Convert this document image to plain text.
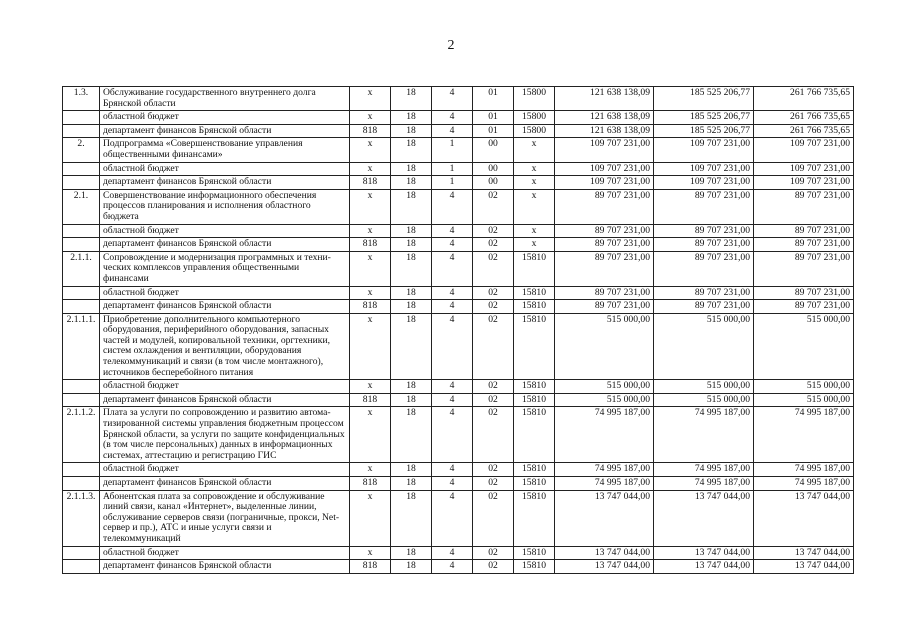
2
1.3.	Обслуживание государственного внутреннего долга Брянской области	x	18	4	01	15800	121 638 138,09	185 525 206,77	261 766 735,65
	областной бюджет	x	18	4	01	15800	121 638 138,09	185 525 206,77	261 766 735,65
	департамент финансов Брянской области	818	18	4	01	15800	121 638 138,09	185 525 206,77	261 766 735,65
2.	Подпрограмма «Совершенствование управления общественными финансами»	x	18	1	00	x	109 707 231,00	109 707 231,00	109 707 231,00
	областной бюджет	x	18	1	00	x	109 707 231,00	109 707 231,00	109 707 231,00
	департамент финансов Брянской области	818	18	1	00	x	109 707 231,00	109 707 231,00	109 707 231,00
2.1.	Совершенствование информационного обеспечения процессов планирования и исполнения областного бюджета	x	18	4	02	x	89 707 231,00	89 707 231,00	89 707 231,00
	областной бюджет	x	18	4	02	x	89 707 231,00	89 707 231,00	89 707 231,00
	департамент финансов Брянской области	818	18	4	02	x	89 707 231,00	89 707 231,00	89 707 231,00
2.1.1.	Сопровождение и модернизация программных и техни-ческих комплексов управления общественными финансами	x	18	4	02	15810	89 707 231,00	89 707 231,00	89 707 231,00
	областной бюджет	x	18	4	02	15810	89 707 231,00	89 707 231,00	89 707 231,00
	департамент финансов Брянской области	818	18	4	02	15810	89 707 231,00	89 707 231,00	89 707 231,00
2.1.1.1.	Приобретение дополнительного компьютерного оборудования, периферийного оборудования, запасных частей и модулей, копировальной техники, оргтехники, систем охлаждения и вентиляции, оборудования телекоммуникаций и связи (в том числе монтажного), источников бесперебойного питания	x	18	4	02	15810	515 000,00	515 000,00	515 000,00
	областной бюджет	x	18	4	02	15810	515 000,00	515 000,00	515 000,00
	департамент финансов Брянской области	818	18	4	02	15810	515 000,00	515 000,00	515 000,00
2.1.1.2.	Плата за услуги по сопровождению и развитию автома-тизированной системы управления бюджетным процессом Брянской области, за услуги по защите конфиденциальных (в том числе персональных) данных в информационных системах, аттестацию и регистрацию ГИС	x	18	4	02	15810	74 995 187,00	74 995 187,00	74 995 187,00
	областной бюджет	x	18	4	02	15810	74 995 187,00	74 995 187,00	74 995 187,00
	департамент финансов Брянской области	818	18	4	02	15810	74 995 187,00	74 995 187,00	74 995 187,00
2.1.1.3.	Абонентская плата за сопровождение и обслуживание линий связи, канал «Интернет», выделенные линии, обслуживание серверов связи (пограничные, прокси, Net-сервер и пр.), АТС и иные услуги связи и телекоммуникаций	x	18	4	02	15810	13 747 044,00	13 747 044,00	13 747 044,00
	областной бюджет	x	18	4	02	15810	13 747 044,00	13 747 044,00	13 747 044,00
	департамент финансов Брянской области	818	18	4	02	15810	13 747 044,00	13 747 044,00	13 747 044,00
